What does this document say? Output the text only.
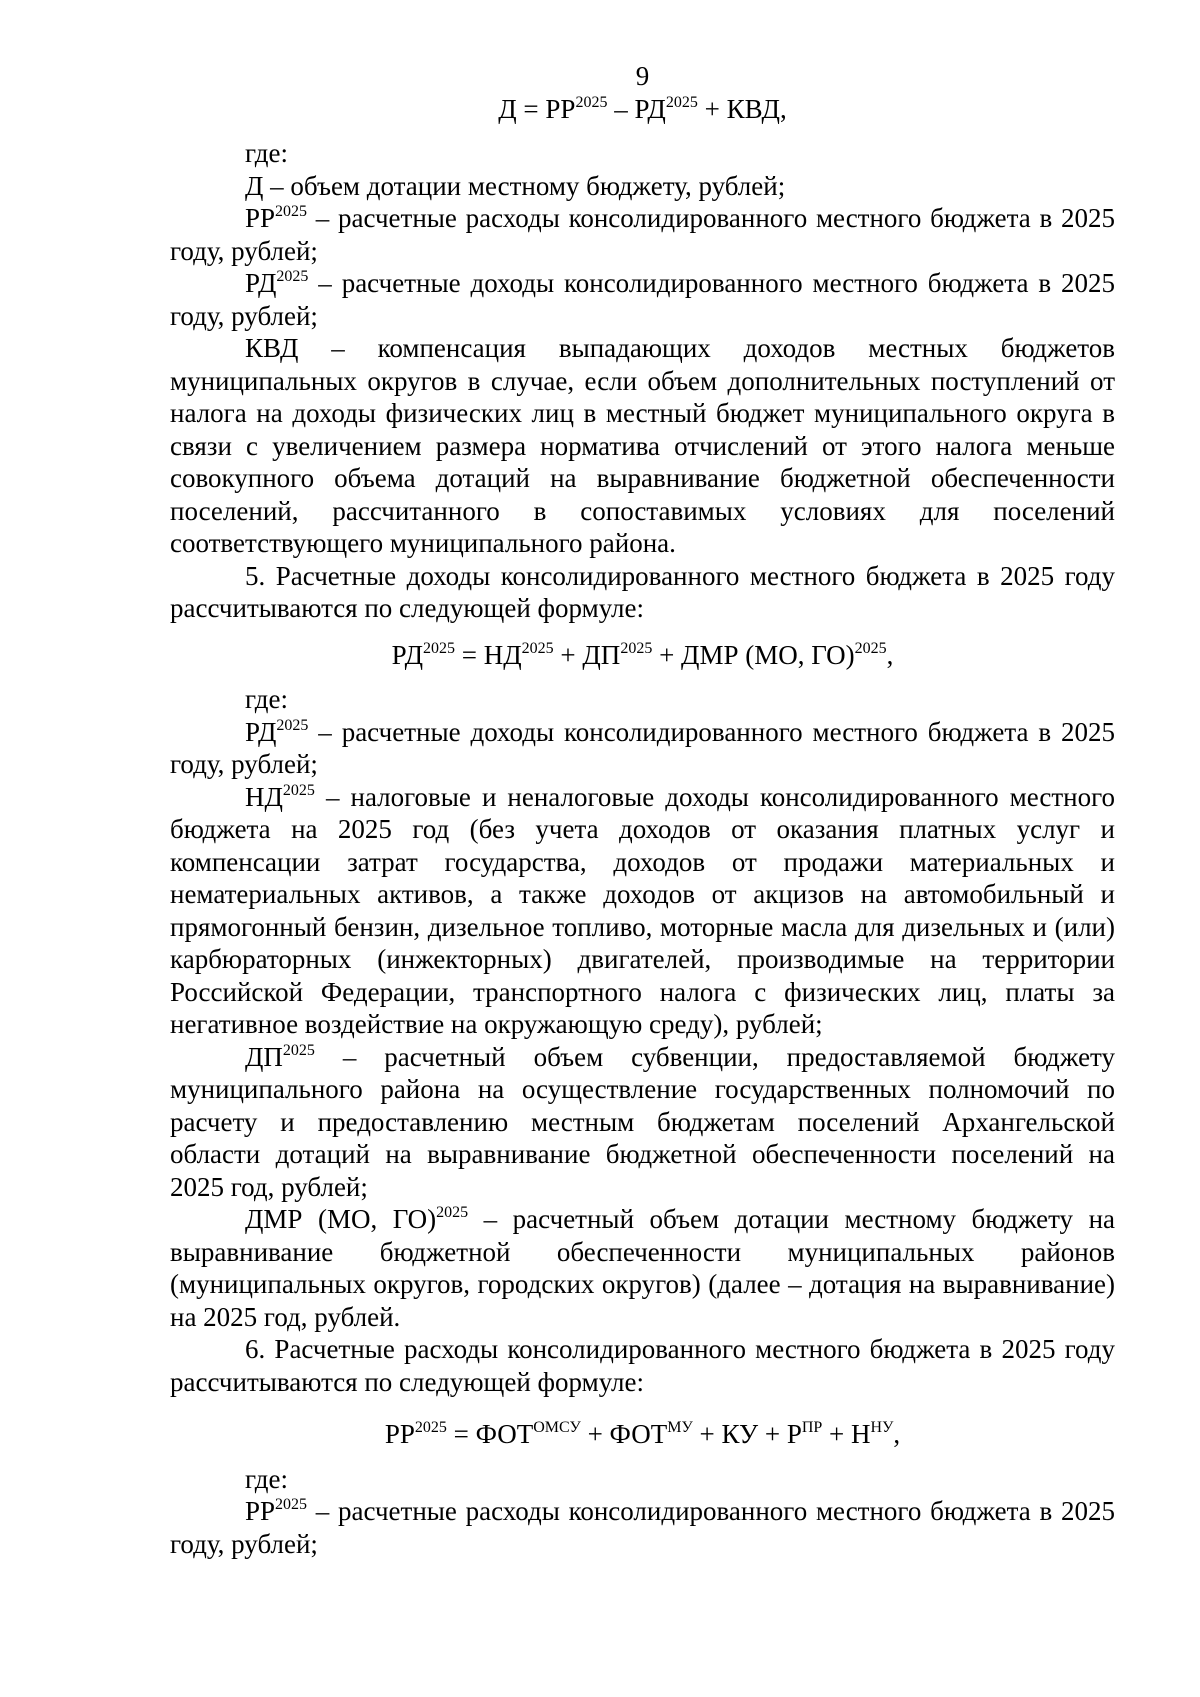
9
$Д = РР^{2025} - РД^{2025}$ + КВД,

где:

Д – объем дотации местному бюджету, рублей;

$РР^{2025}$ – расчетные расходы консолидированного местного бюджета в 2025 году, рублей;

$РД^{2025}$ – расчетные доходы консолидированного местного бюджета в 2025 году, рублей;

КВД – компенсация выпадающих доходов местных бюджетов муниципальных округов в случае, если объем дополнительных поступлений от налога на доходы физических лиц в местный бюджет муниципального округа в связи с увеличением размера норматива отчислений от этого налога меньше совокупного объема дотаций на выравнивание бюджетной обеспеченности поселений, рассчитанного в сопоставимых условиях для поселений соответствующего муниципального района.

5. Расчетные доходы консолидированного местного бюджета в 2025 году рассчитываются по следующей формуле:

$РД^{2025} = НД^{2025} + ДП^{2025}$ + ДМР (МО, ГО)$^{2025}$,

где:

$РД^{2025}$ – расчетные доходы консолидированного местного бюджета в 2025 году, рублей;

$НД^{2025}$ – налоговые и неналоговые доходы консолидированного местного бюджета на 2025 год (без учета доходов от оказания платных услуг и компенсации затрат государства, доходов от продажи материальных и нематериальных активов, а также доходов от акцизов на автомобильный и прямогонный бензин, дизельное топливо, моторные масла для дизельных и (или) карбюраторных (инжекторных) двигателей, производимые на территории Российской Федерации, транспортного налога с физических лиц, платы за негативное воздействие на окружающую среду), рублей;

$ДП^{2025}$ – расчетный объем субвенции, предоставляемой бюджету муниципального района на осуществление государственных полномочий по расчету и предоставлению местным бюджетам поселений Архангельской области дотаций на выравнивание бюджетной обеспеченности поселений на 2025 год, рублей;

ДМР (МО, ГО)$^{2025}$ – расчетный объем дотации местному бюджету на выравнивание бюджетной обеспеченности муниципальных районов (муниципальных округов, городских округов) (далее – дотация на выравнивание) на 2025 год, рублей.

6. Расчетные расходы консолидированного местного бюджета в 2025 году рассчитываются по следующей формуле:

$РР^{2025} = ФОТ^{ОМСУ} + ФОТ^{МУ}$ + КУ + $Р^{ПР} + Н^{НУ}$,

где:

$РР^{2025}$ – расчетные расходы консолидированного местного бюджета в 2025 году, рублей;
